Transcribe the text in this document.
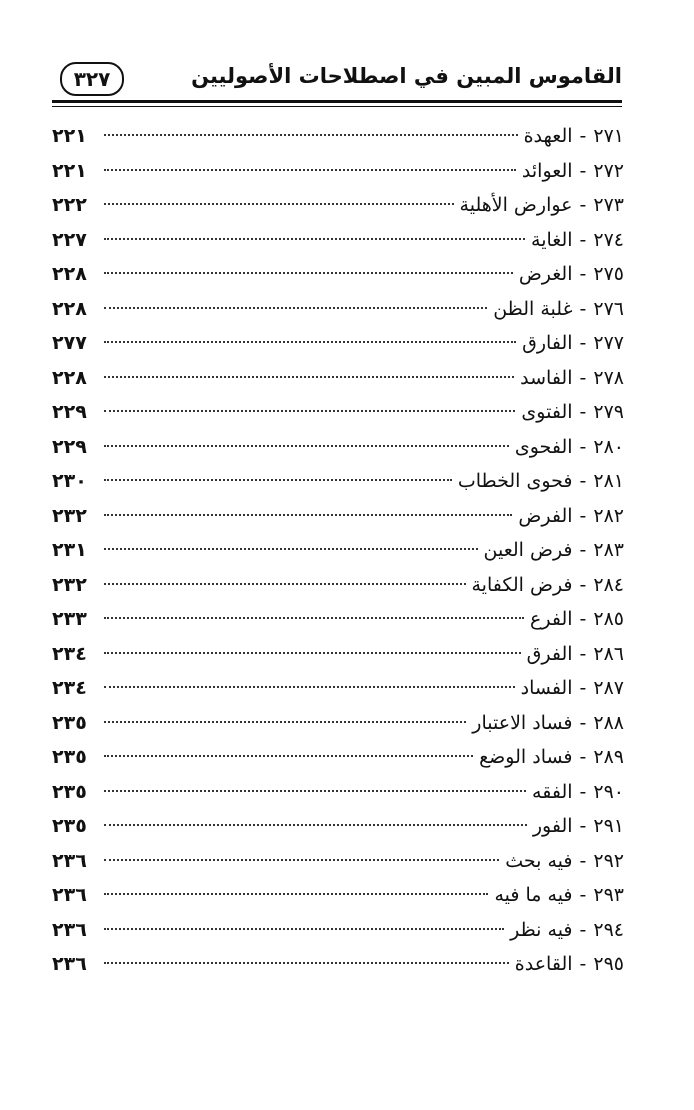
٣٢٧	القاموس المبين في اصطلاحات الأصوليين
٢٧١
‐
العهدة
٢٢١
٢٧٢
‐
العوائد
٢٢١
٢٧٣
‐
عوارض الأهلية
٢٢٢
٢٧٤
‐
الغاية
٢٢٧
٢٧٥
‐
الغرض
٢٢٨
٢٧٦
‐
غلبة الظن
٢٢٨
٢٧٧
‐
الفارق
٢٧٧
٢٧٨
‐
الفاسد
٢٢٨
٢٧٩
‐
الفتوى
٢٢٩
٢٨٠
‐
الفحوى
٢٢٩
٢٨١
‐
فحوى الخطاب
٢٣٠
٢٨٢
‐
الفرض
٢٣٢
٢٨٣
‐
فرض العين
٢٣١
٢٨٤
‐
فرض الكفاية
٢٣٢
٢٨٥
‐
الفرع
٢٣٣
٢٨٦
‐
الفرق
٢٣٤
٢٨٧
‐
الفساد
٢٣٤
٢٨٨
‐
فساد الاعتبار
٢٣٥
٢٨٩
‐
فساد الوضع
٢٣٥
٢٩٠
‐
الفقه
٢٣٥
٢٩١
‐
الفور
٢٣٥
٢٩٢
‐
فيه بحث
٢٣٦
٢٩٣
‐
فيه ما فيه
٢٣٦
٢٩٤
‐
فيه نظر
٢٣٦
٢٩٥
‐
القاعدة
٢٣٦
